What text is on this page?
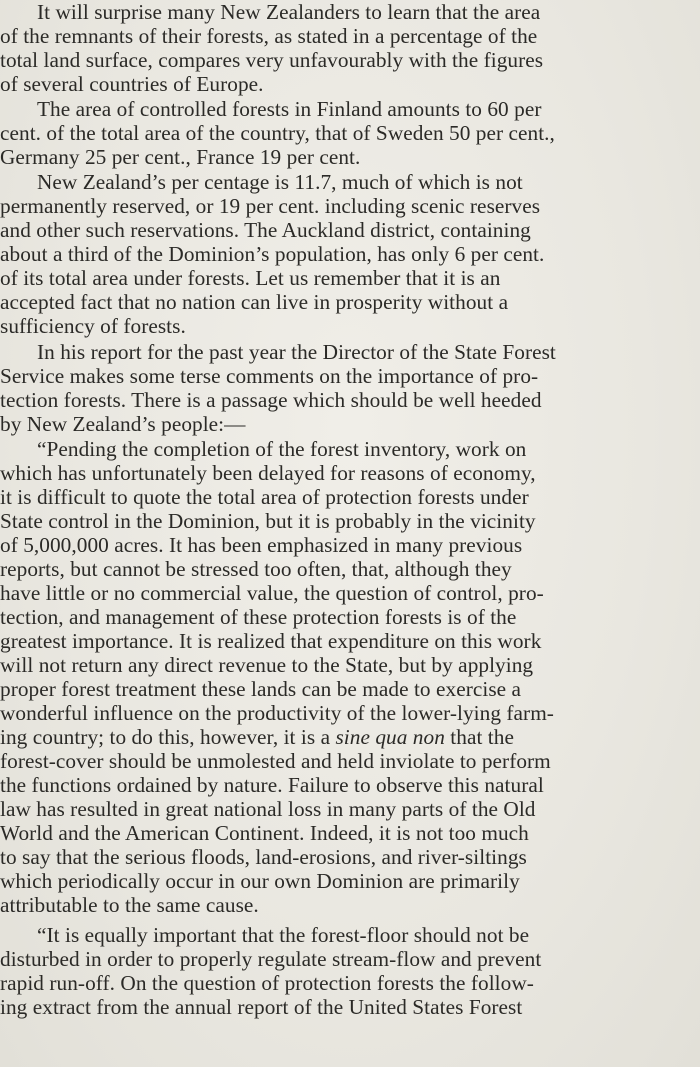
It will surprise many New Zealanders to learn that the area
of the remnants of their forests, as stated in a percentage of the
total land surface, compares very unfavourably with the figures
of several countries of Europe.
The area of controlled forests in Finland amounts to 60 per
cent. of the total area of the country, that of Sweden 50 per cent.,
Germany 25 per cent., France 19 per cent.
New Zealand’s per centage is 11.7, much of which is not
permanently reserved, or 19 per cent. including scenic reserves
and other such reservations. The Auckland district, containing
about a third of the Dominion’s population, has only 6 per cent.
of its total area under forests. Let us remember that it is an
accepted fact that no nation can live in prosperity without a
sufficiency of forests.
In his report for the past year the Director of the State Forest
Service makes some terse comments on the importance of pro-
tection forests. There is a passage which should be well heeded
by New Zealand’s people:—
“Pending the completion of the forest inventory, work on
which has unfortunately been delayed for reasons of economy,
it is difficult to quote the total area of protection forests under
State control in the Dominion, but it is probably in the vicinity
of 5,000,000 acres. It has been emphasized in many previous
reports, but cannot be stressed too often, that, although they
have little or no commercial value, the question of control, pro-
tection, and management of these protection forests is of the
greatest importance. It is realized that expenditure on this work
will not return any direct revenue to the State, but by applying
proper forest treatment these lands can be made to exercise a
wonderful influence on the productivity of the lower-lying farm-
ing country; to do this, however, it is a sine qua non that the
forest-cover should be unmolested and held inviolate to perform
the functions ordained by nature. Failure to observe this natural
law has resulted in great national loss in many parts of the Old
World and the American Continent. Indeed, it is not too much
to say that the serious floods, land-erosions, and river-siltings
which periodically occur in our own Dominion are primarily
attributable to the same cause.
“It is equally important that the forest-floor should not be
disturbed in order to properly regulate stream-flow and prevent
rapid run-off. On the question of protection forests the follow-
ing extract from the annual report of the United States Forest
